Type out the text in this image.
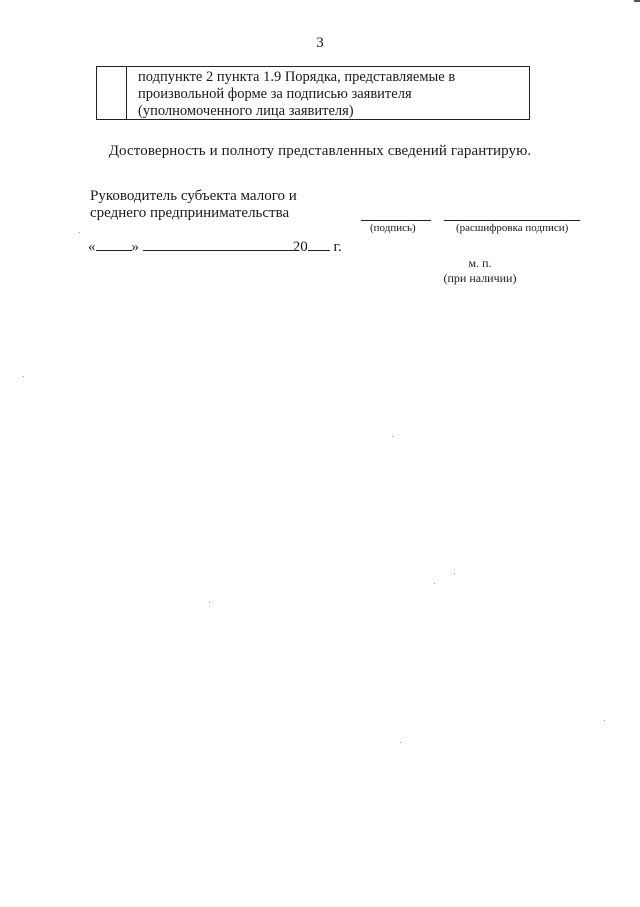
3
подпункте 2 пункта 1.9 Порядка, представляемые в
произвольной форме за подписью заявителя
(уполномоченного лица заявителя)
Достоверность и полноту представленных сведений гарантирую.
Руководитель субъекта малого и
среднего предпринимательства
(подпись)	(расшифровка подписи)
« »	20 г.
м. п.
(при наличии)
